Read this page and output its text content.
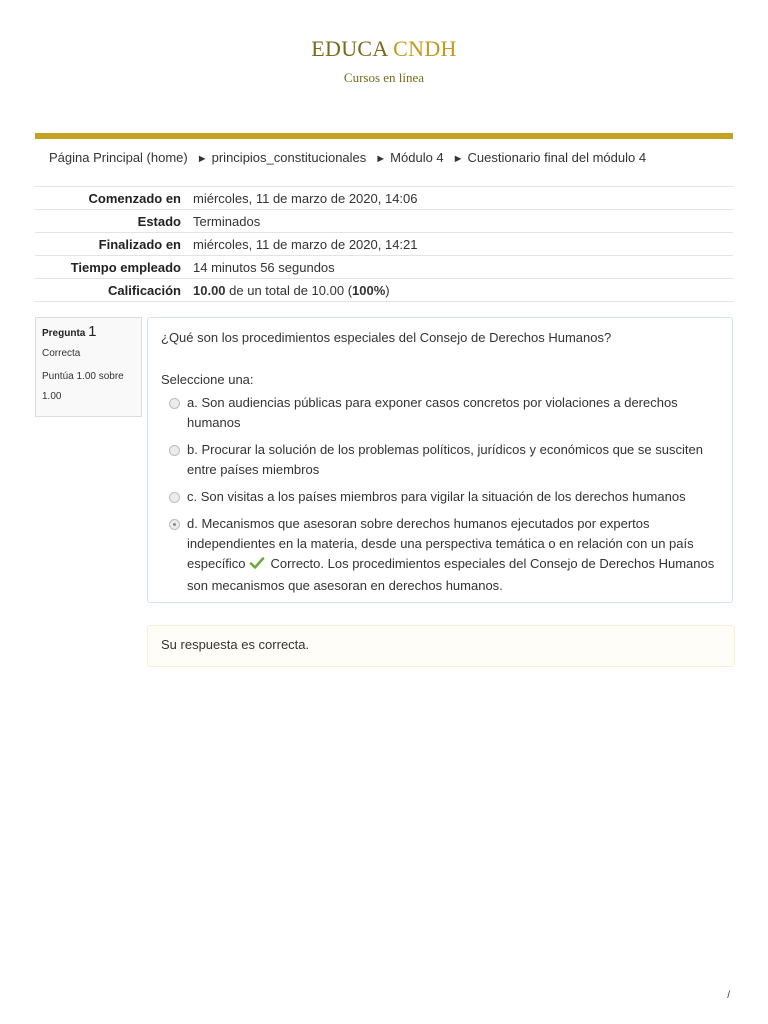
EDUCA CNDH
Cursos en línea
Página Principal (home) ► principios_constitucionales ► Módulo 4 ► Cuestionario final del módulo 4
Comenzado en	miércoles, 11 de marzo de 2020, 14:06
Estado	Terminados
Finalizado en	miércoles, 11 de marzo de 2020, 14:21
Tiempo empleado	14 minutos 56 segundos
Calificación	10.00 de un total de 10.00 (100%)
Pregunta 1
Correcta
Puntúa 1.00 sobre 1.00
¿Qué son los procedimientos especiales del Consejo de Derechos Humanos?
Seleccione una:
a. Son audiencias públicas para exponer casos concretos por violaciones a derechos humanos
b. Procurar la solución de los problemas políticos, jurídicos y económicos que se susciten entre países miembros
c. Son visitas a los países miembros para vigilar la situación de los derechos humanos
d. Mecanismos que asesoran sobre derechos humanos ejecutados por expertos independientes en la materia, desde una perspectiva temática o en relación con un país específico Correcto. Los procedimientos especiales del Consejo de Derechos Humanos son mecanismos que asesoran en derechos humanos.
Su respuesta es correcta.
/
